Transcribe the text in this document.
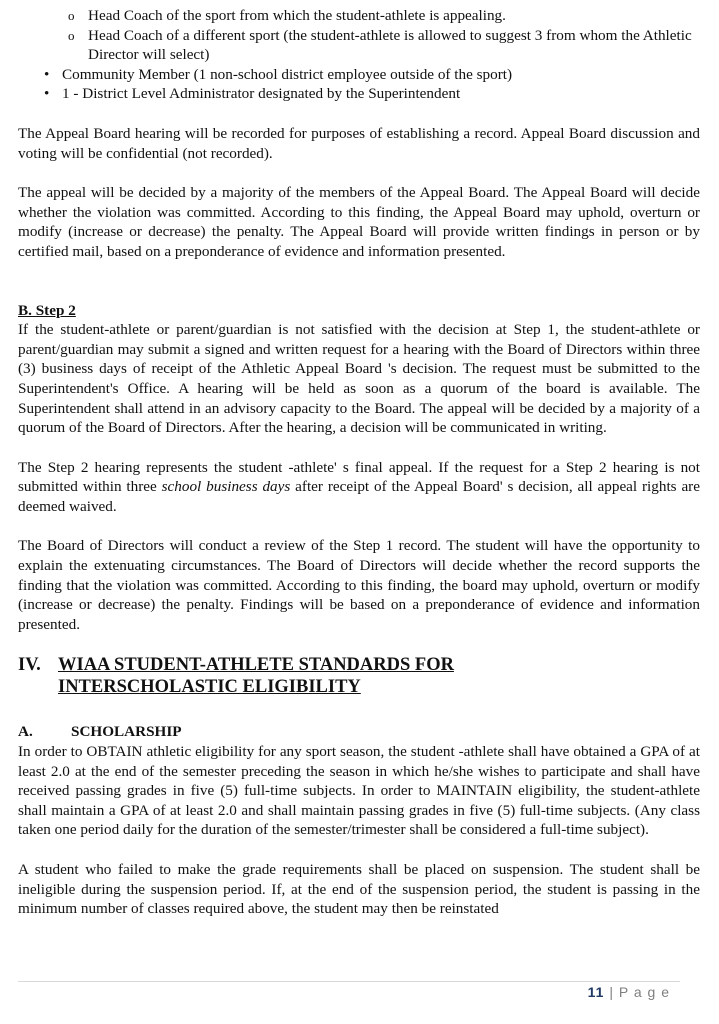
o Head Coach of the sport from which the student-athlete is appealing.
o Head Coach of a different sport (the student-athlete is allowed to suggest 3 from whom the Athletic Director will select)
• Community Member (1 non-school district employee outside of the sport)
• 1 - District Level Administrator designated by the Superintendent

The Appeal Board hearing will be recorded for purposes of establishing a record. Appeal Board discussion and voting will be confidential (not recorded).

The appeal will be decided by a majority of the members of the Appeal Board. The Appeal Board will decide whether the violation was committed. According to this finding, the Appeal Board may uphold, overturn or modify (increase or decrease) the penalty. The Appeal Board will provide written findings in person or by certified mail, based on a preponderance of evidence and information presented.

B. Step 2

If the student-athlete or parent/guardian is not satisfied with the decision at Step 1, the student-athlete or parent/guardian may submit a signed and written request for a hearing with the Board of Directors within three (3) business days of receipt of the Athletic Appeal Board 's decision. The request must be submitted to the Superintendent's Office. A hearing will be held as soon as a quorum of the board is available. The Superintendent shall attend in an advisory capacity to the Board. The appeal will be decided by a majority of a quorum of the Board of Directors. After the hearing, a decision will be communicated in writing.

The Step 2 hearing represents the student -athlete' s final appeal. If the request for a Step 2 hearing is not submitted within three school business days after receipt of the Appeal Board' s decision, all appeal rights are deemed waived.

The Board of Directors will conduct a review of the Step 1 record. The student will have the opportunity to explain the extenuating circumstances. The Board of Directors will decide whether the record supports the finding that the violation was committed. According to this finding, the board may uphold, overturn or modify (increase or decrease) the penalty. Findings will be based on a preponderance of evidence and information presented.

IV. WIAA STUDENT-ATHLETE STANDARDS FOR

INTERSCHOLASTIC ELIGIBILITY

A.	SCHOLARSHIP

In order to OBTAIN athletic eligibility for any sport season, the student -athlete shall have obtained a GPA of at least 2.0 at the end of the semester preceding the season in which he/she wishes to participate and shall have received passing grades in five (5) full-time subjects. In order to MAINTAIN eligibility, the student-athlete shall maintain a GPA of at least 2.0 and shall maintain passing grades in five (5) full-time subjects. (Any class taken one period daily for the duration of the semester/trimester shall be considered a full-time subject).

A student who failed to make the grade requirements shall be placed on suspension. The student shall be ineligible during the suspension period. If, at the end of the suspension period, the student is passing in the minimum number of classes required above, the student may then be reinstated

11 | P a g e
